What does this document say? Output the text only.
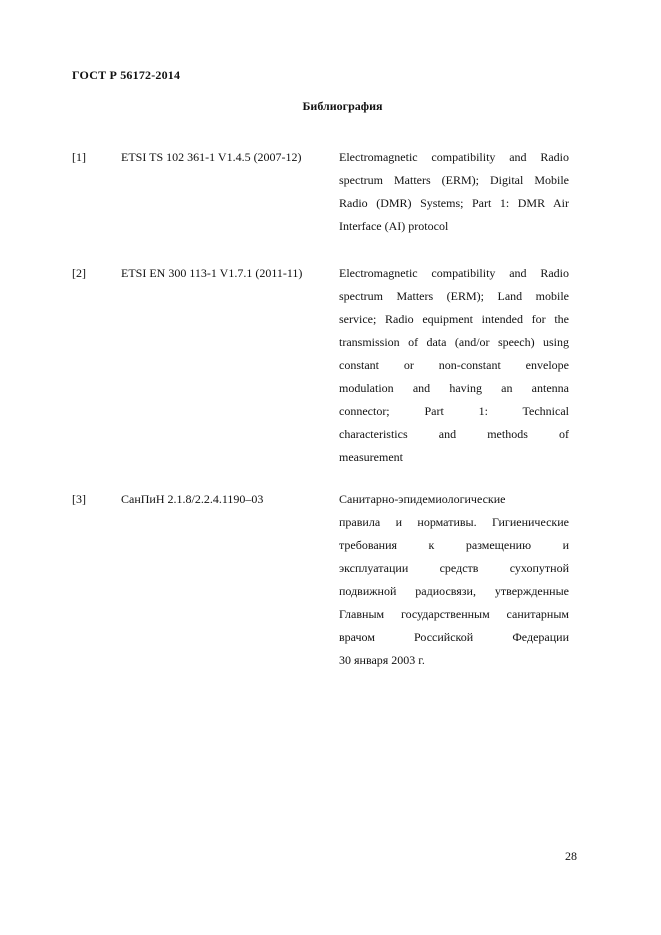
ГОСТ Р 56172-2014
Библиография
[1]	ETSI TS 102 361-1 V1.4.5 (2007-12)	Electromagnetic compatibility and Radio
spectrum Matters (ERM); Digital Mobile
Radio (DMR) Systems; Part 1: DMR Air
Interface (AI) protocol
[2]	ETSI EN 300 113-1 V1.7.1 (2011-11)	Electromagnetic compatibility and Radio
spectrum Matters (ERM); Land mobile
service; Radio equipment intended for the
transmission of data (and/or speech) using
constant or non-constant envelope
modulation and having an antenna
connector; Part 1: Technical
characteristics and methods of
measurement
[3]	СанПиН 2.1.8/2.2.4.1190–03	Санитарно-эпидемиологические
правила и нормативы. Гигиенические
требования к размещению и
эксплуатации средств сухопутной
подвижной радиосвязи, утвержденные
Главным государственным санитарным
врачом Российской Федерации
30 января 2003 г.
28
